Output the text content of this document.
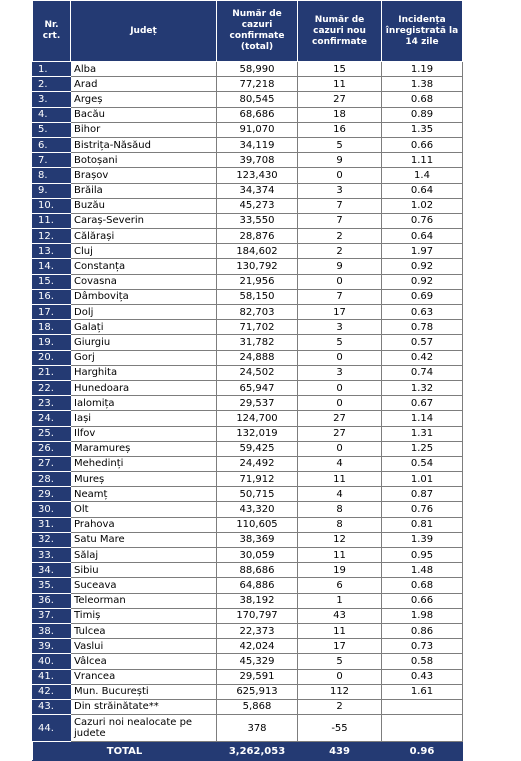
Nr. crt.	Județ	Număr de cazuri confirmate (total)	Număr de cazuri nou confirmate	Incidența înregistrată la 14 zile
1.	Alba	58,990	15	1.19
2.	Arad	77,218	11	1.38
3.	Argeș	80,545	27	0.68
4.	Bacău	68,686	18	0.89
5.	Bihor	91,070	16	1.35
6.	Bistrița-Năsăud	34,119	5	0.66
7.	Botoșani	39,708	9	1.11
8.	Brașov	123,430	0	1.4
9.	Brăila	34,374	3	0.64
10.	Buzău	45,273	7	1.02
11.	Caraș-Severin	33,550	7	0.76
12.	Călărași	28,876	2	0.64
13.	Cluj	184,602	2	1.97
14.	Constanța	130,792	9	0.92
15.	Covasna	21,956	0	0.92
16.	Dâmbovița	58,150	7	0.69
17.	Dolj	82,703	17	0.63
18.	Galați	71,702	3	0.78
19.	Giurgiu	31,782	5	0.57
20.	Gorj	24,888	0	0.42
21.	Harghita	24,502	3	0.74
22.	Hunedoara	65,947	0	1.32
23.	Ialomița	29,537	0	0.67
24.	Iași	124,700	27	1.14
25.	Ilfov	132,019	27	1.31
26.	Maramureș	59,425	0	1.25
27.	Mehedinți	24,492	4	0.54
28.	Mureș	71,912	11	1.01
29.	Neamț	50,715	4	0.87
30.	Olt	43,320	8	0.76
31.	Prahova	110,605	8	0.81
32.	Satu Mare	38,369	12	1.39
33.	Sălaj	30,059	11	0.95
34.	Sibiu	88,686	19	1.48
35.	Suceava	64,886	6	0.68
36.	Teleorman	38,192	1	0.66
37.	Timiș	170,797	43	1.98
38.	Tulcea	22,373	11	0.86
39.	Vaslui	42,024	17	0.73
40.	Vâlcea	45,329	5	0.58
41.	Vrancea	29,591	0	0.43
42.	Mun. București	625,913	112	1.61
43.	Din străinătate**	5,868	2	
44.	Cazuri noi nealocate pe judete	378	-55	
TOTAL		3,262,053	439	0.96
